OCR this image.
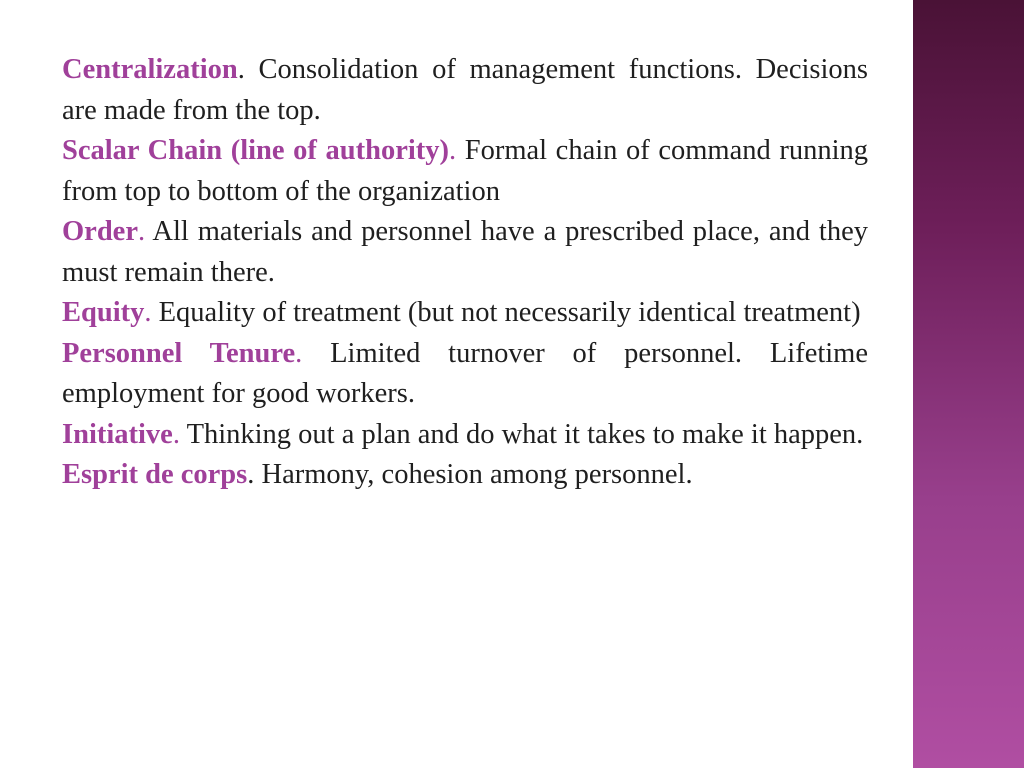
Centralization. Consolidation of management functions. Decisions are made from the top.

Scalar Chain (line of authority). Formal chain of command running from top to bottom of the organization

Order. All materials and personnel have a prescribed place, and they must remain there.

Equity. Equality of treatment (but not necessarily identical treatment)

Personnel Tenure. Limited turnover of personnel. Lifetime employment for good workers.

Initiative. Thinking out a plan and do what it takes to make it happen.

Esprit de corps. Harmony, cohesion among personnel.
